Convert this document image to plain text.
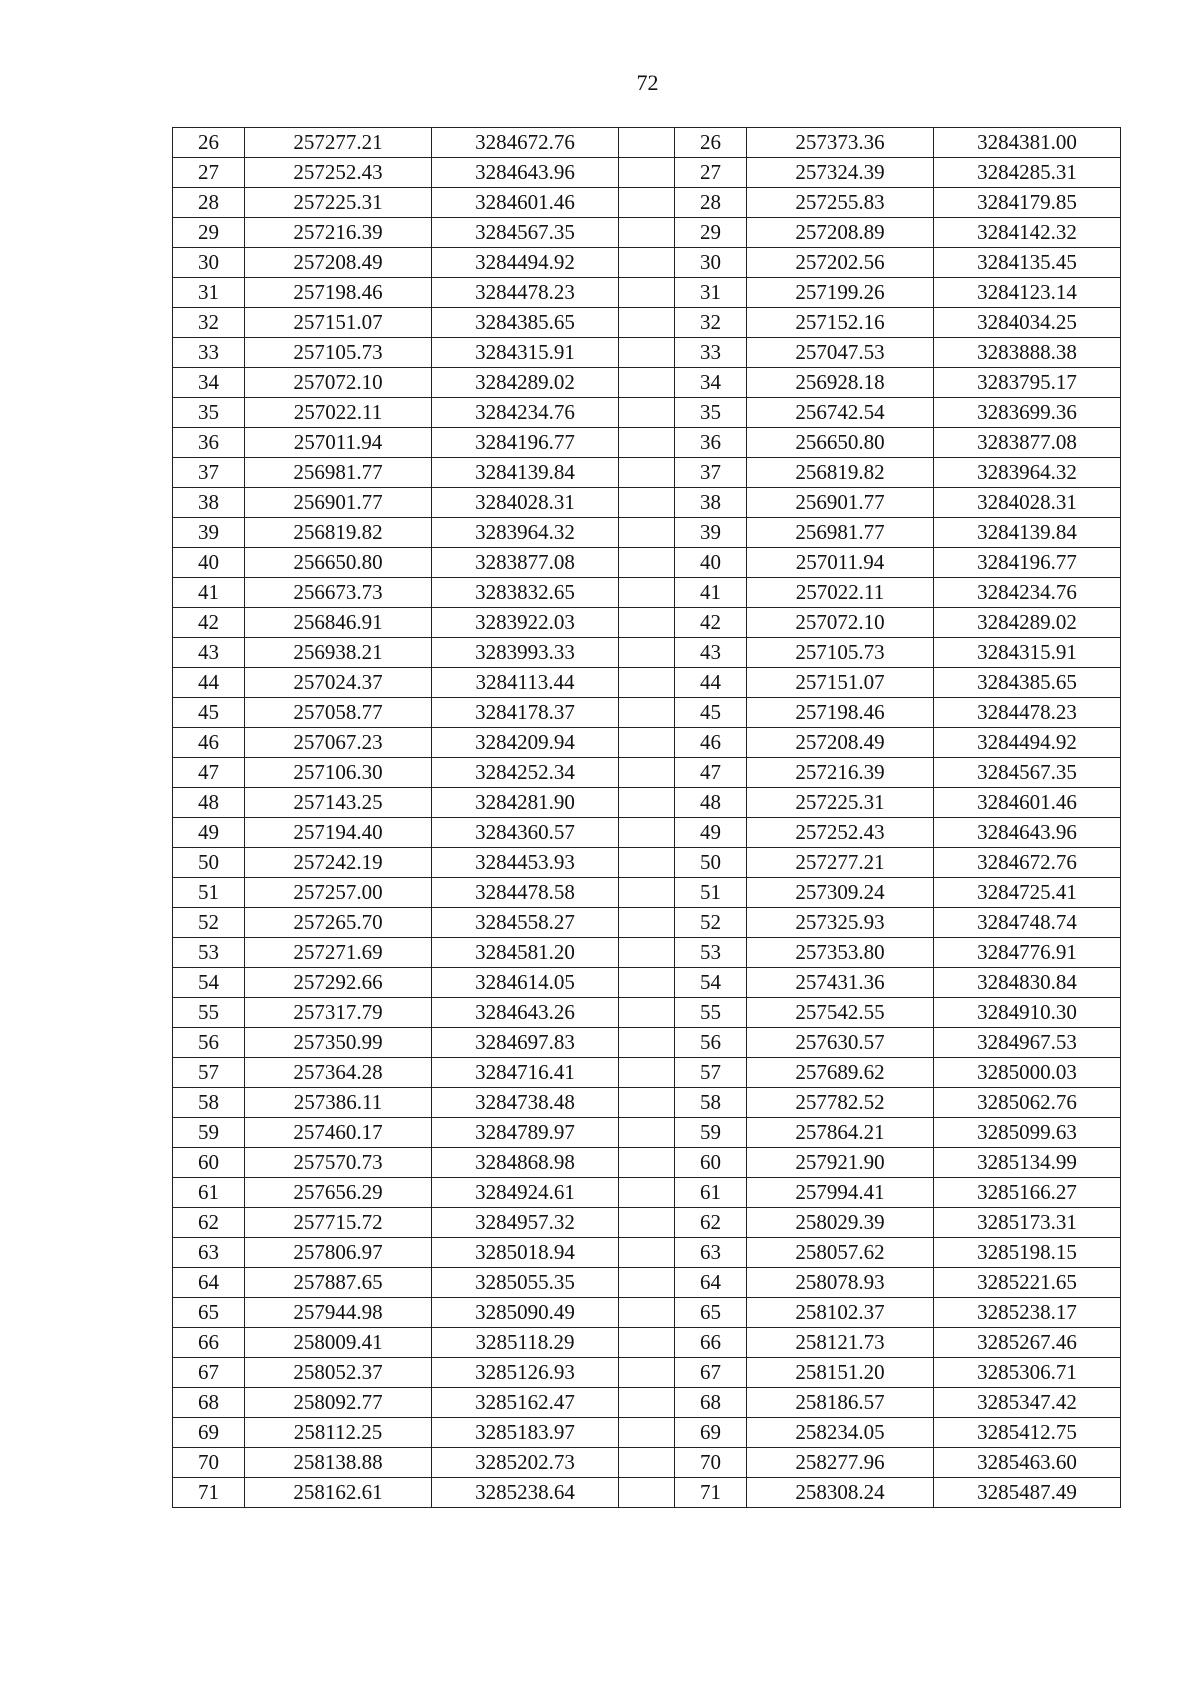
72
26	257277.21	3284672.76		26	257373.36	3284381.00
27	257252.43	3284643.96		27	257324.39	3284285.31
28	257225.31	3284601.46		28	257255.83	3284179.85
29	257216.39	3284567.35		29	257208.89	3284142.32
30	257208.49	3284494.92		30	257202.56	3284135.45
31	257198.46	3284478.23		31	257199.26	3284123.14
32	257151.07	3284385.65		32	257152.16	3284034.25
33	257105.73	3284315.91		33	257047.53	3283888.38
34	257072.10	3284289.02		34	256928.18	3283795.17
35	257022.11	3284234.76		35	256742.54	3283699.36
36	257011.94	3284196.77		36	256650.80	3283877.08
37	256981.77	3284139.84		37	256819.82	3283964.32
38	256901.77	3284028.31		38	256901.77	3284028.31
39	256819.82	3283964.32		39	256981.77	3284139.84
40	256650.80	3283877.08		40	257011.94	3284196.77
41	256673.73	3283832.65		41	257022.11	3284234.76
42	256846.91	3283922.03		42	257072.10	3284289.02
43	256938.21	3283993.33		43	257105.73	3284315.91
44	257024.37	3284113.44		44	257151.07	3284385.65
45	257058.77	3284178.37		45	257198.46	3284478.23
46	257067.23	3284209.94		46	257208.49	3284494.92
47	257106.30	3284252.34		47	257216.39	3284567.35
48	257143.25	3284281.90		48	257225.31	3284601.46
49	257194.40	3284360.57		49	257252.43	3284643.96
50	257242.19	3284453.93		50	257277.21	3284672.76
51	257257.00	3284478.58		51	257309.24	3284725.41
52	257265.70	3284558.27		52	257325.93	3284748.74
53	257271.69	3284581.20		53	257353.80	3284776.91
54	257292.66	3284614.05		54	257431.36	3284830.84
55	257317.79	3284643.26		55	257542.55	3284910.30
56	257350.99	3284697.83		56	257630.57	3284967.53
57	257364.28	3284716.41		57	257689.62	3285000.03
58	257386.11	3284738.48		58	257782.52	3285062.76
59	257460.17	3284789.97		59	257864.21	3285099.63
60	257570.73	3284868.98		60	257921.90	3285134.99
61	257656.29	3284924.61		61	257994.41	3285166.27
62	257715.72	3284957.32		62	258029.39	3285173.31
63	257806.97	3285018.94		63	258057.62	3285198.15
64	257887.65	3285055.35		64	258078.93	3285221.65
65	257944.98	3285090.49		65	258102.37	3285238.17
66	258009.41	3285118.29		66	258121.73	3285267.46
67	258052.37	3285126.93		67	258151.20	3285306.71
68	258092.77	3285162.47		68	258186.57	3285347.42
69	258112.25	3285183.97		69	258234.05	3285412.75
70	258138.88	3285202.73		70	258277.96	3285463.60
71	258162.61	3285238.64		71	258308.24	3285487.49
